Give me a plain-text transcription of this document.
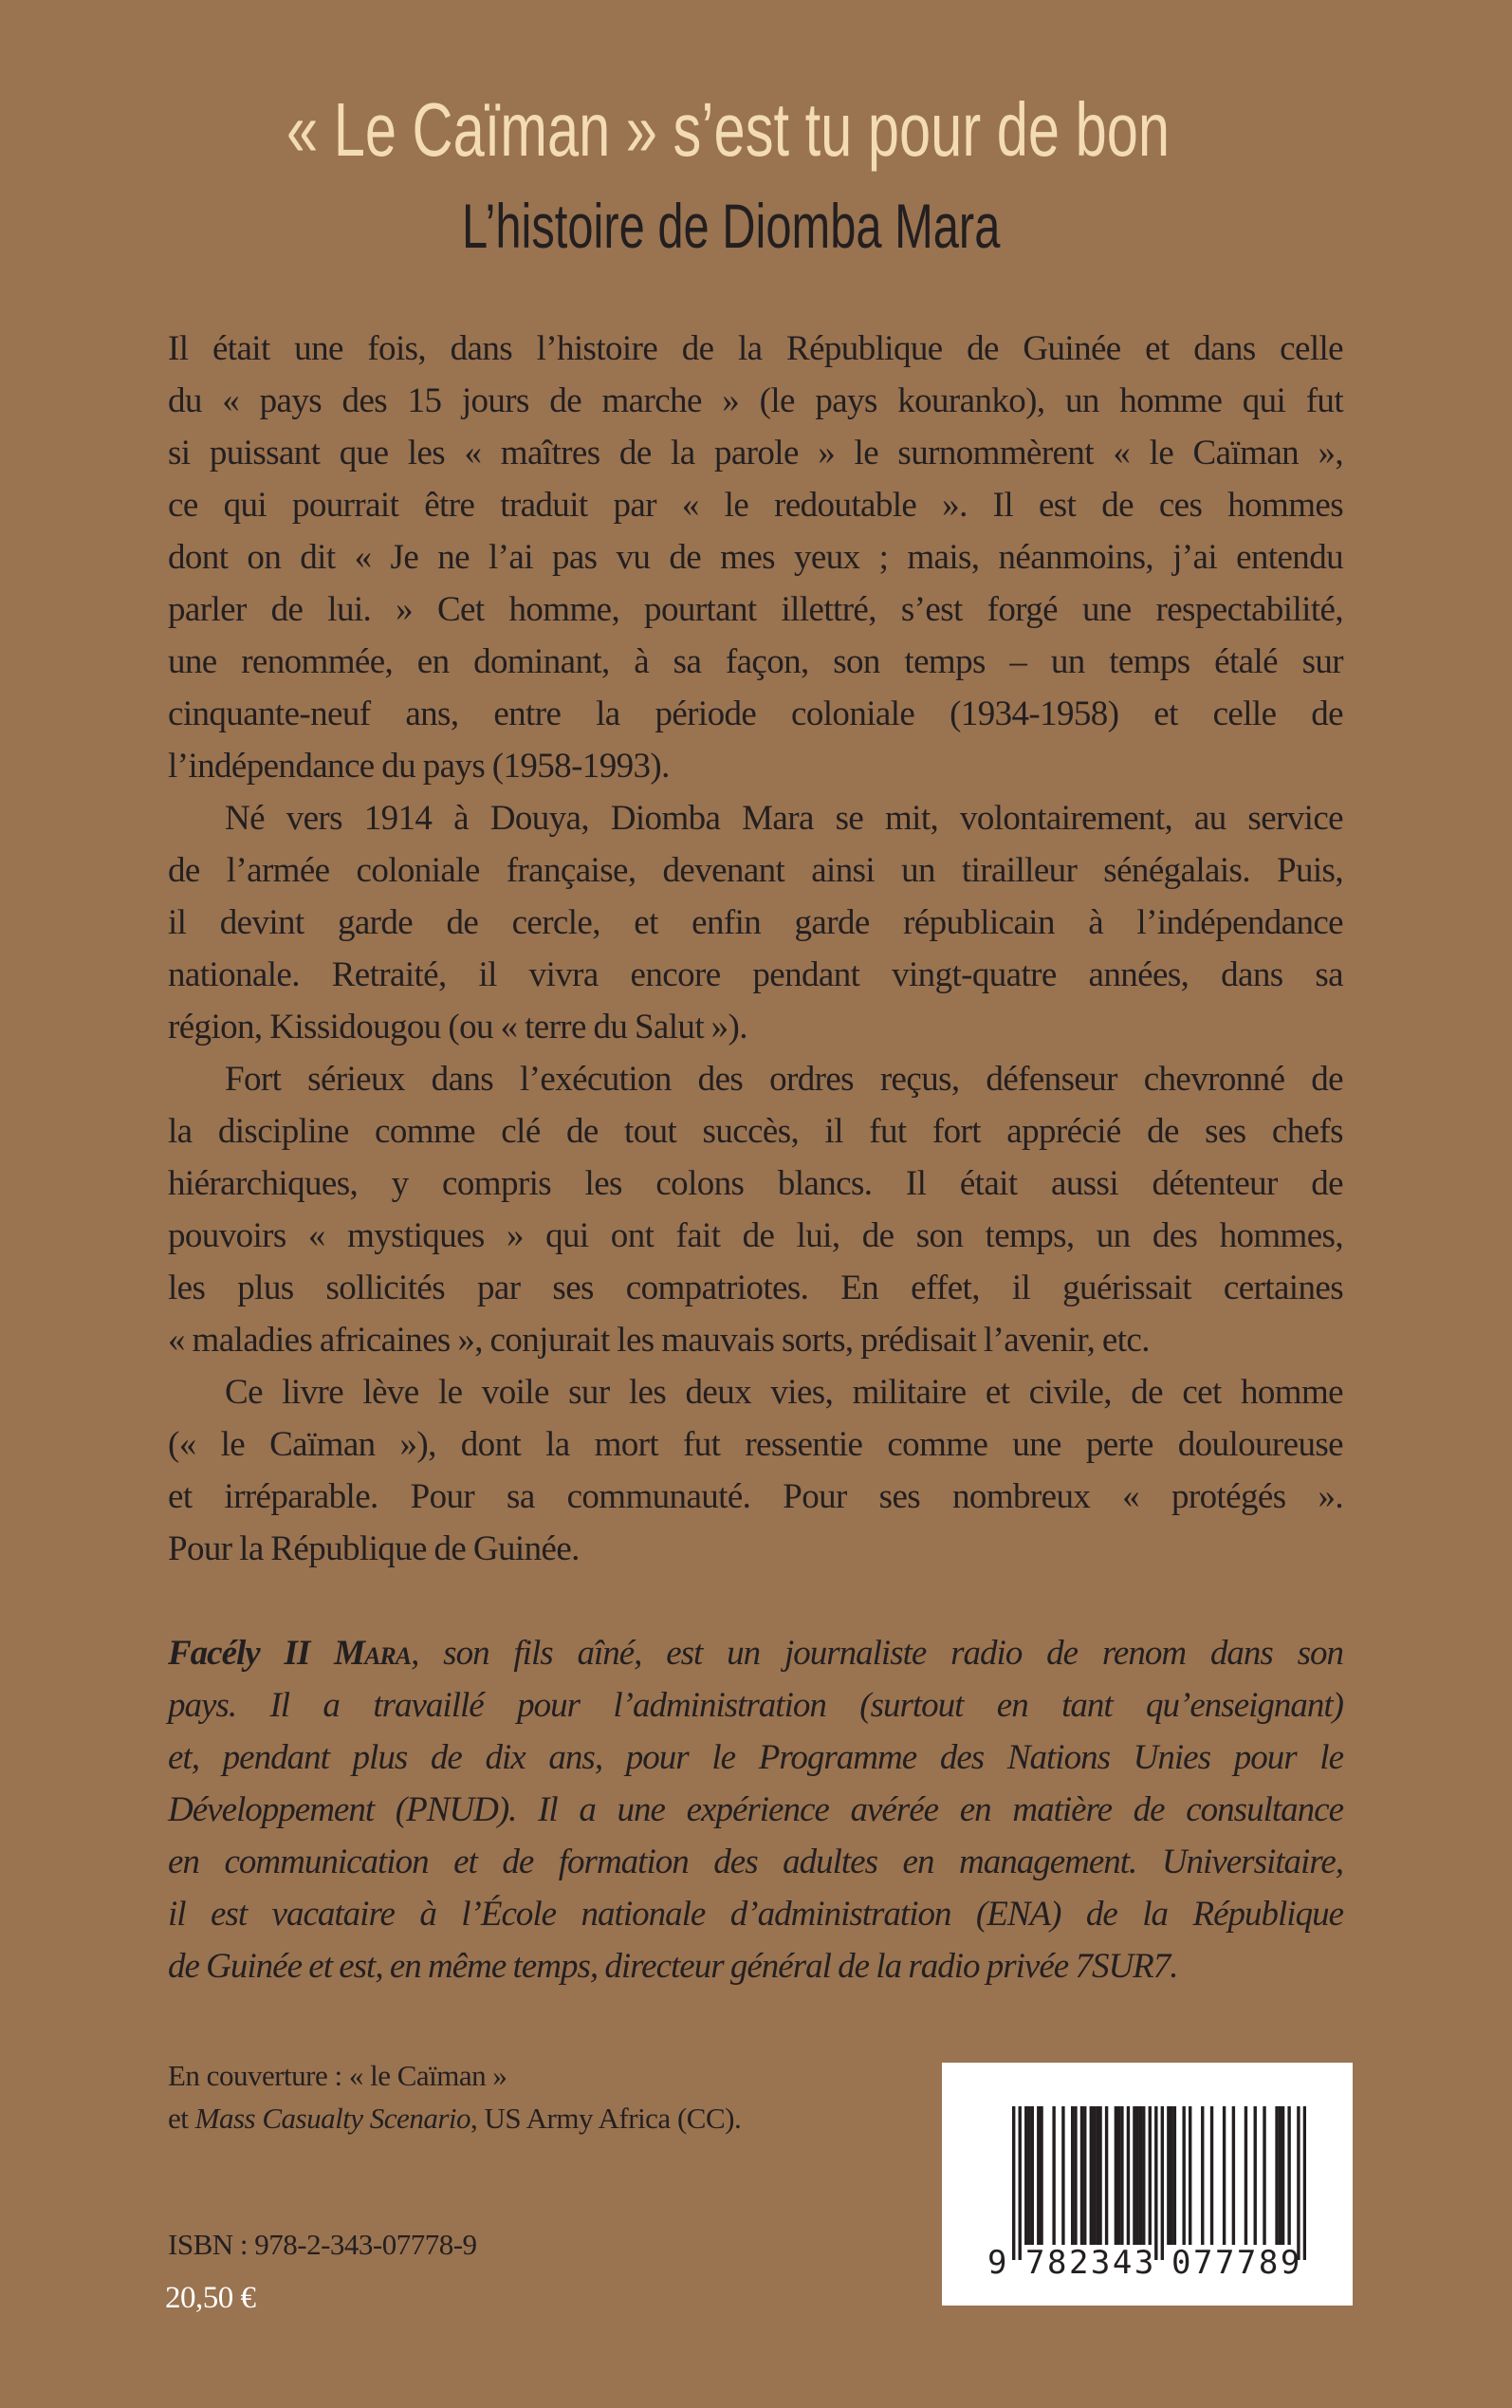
« Le Caïman » s’est tu pour de bon
L’histoire de Diomba Mara
Il était une fois, dans l’histoire de la République de Guinée et dans celle
du « pays des 15 jours de marche » (le pays kouranko), un homme qui fut
si puissant que les « maîtres de la parole » le surnommèrent « le Caïman »,
ce qui pourrait être traduit par « le redoutable ». Il est de ces hommes
dont on dit « Je ne l’ai pas vu de mes yeux ; mais, néanmoins, j’ai entendu
parler de lui. » Cet homme, pourtant illettré, s’est forgé une respectabilité,
une renommée, en dominant, à sa façon, son temps – un temps étalé sur
cinquante-neuf ans, entre la période coloniale (1934-1958) et celle de
l’indépendance du pays (1958-1993).
Né vers 1914 à Douya, Diomba Mara se mit, volontairement, au service
de l’armée coloniale française, devenant ainsi un tirailleur sénégalais. Puis,
il devint garde de cercle, et enfin garde républicain à l’indépendance
nationale. Retraité, il vivra encore pendant vingt-quatre années, dans sa
région, Kissidougou (ou « terre du Salut »).
Fort sérieux dans l’exécution des ordres reçus, défenseur chevronné de
la discipline comme clé de tout succès, il fut fort apprécié de ses chefs
hiérarchiques, y compris les colons blancs. Il était aussi détenteur de
pouvoirs « mystiques » qui ont fait de lui, de son temps, un des hommes,
les plus sollicités par ses compatriotes. En effet, il guérissait certaines
« maladies africaines », conjurait les mauvais sorts, prédisait l’avenir, etc.
Ce livre lève le voile sur les deux vies, militaire et civile, de cet homme
(« le Caïman »), dont la mort fut ressentie comme une perte douloureuse
et irréparable. Pour sa communauté. Pour ses nombreux « protégés ».
Pour la République de Guinée.
Facély II Mara, son fils aîné, est un journaliste radio de renom dans son
pays. Il a travaillé pour l’administration (surtout en tant qu’enseignant)
et, pendant plus de dix ans, pour le Programme des Nations Unies pour le
Développement (PNUD). Il a une expérience avérée en matière de consultance
en communication et de formation des adultes en management. Universitaire,
il est vacataire à l’École nationale d’administration (ENA) de la République
de Guinée et est, en même temps, directeur général de la radio privée 7SUR7.
En couverture : « le Caïman »
et Mass Casualty Scenario, US Army Africa (CC).
ISBN : 978-2-343-07778-9
20,50 €
9 782343 077789
